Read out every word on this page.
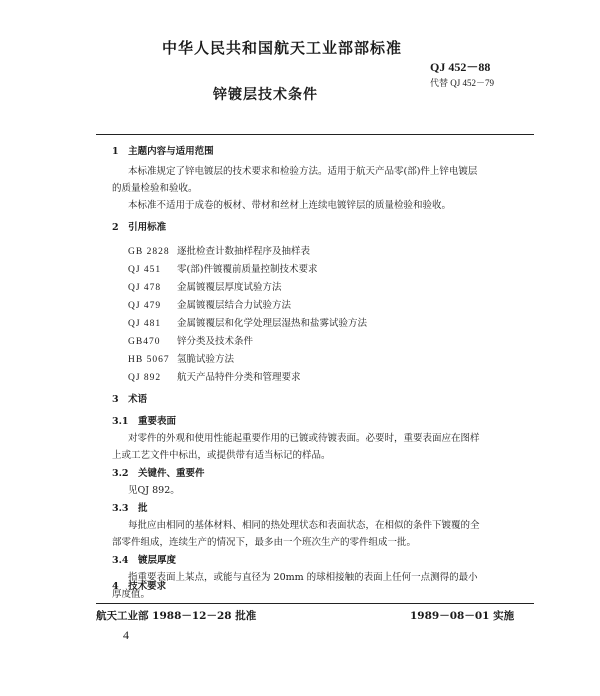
中华人民共和国航天工业部部标准
QJ 452－88
代替 QJ 452－79
锌镀层技术条件
1　主题内容与适用范围
本标准规定了锌电镀层的技术要求和检验方法。适用于航天产品零(部)件上锌电镀层
的质量检验和验收。
本标准不适用于成卷的板材、带材和丝材上连续电镀锌层的质量检验和验收。
2　引用标准
GB 2828 逐批检查计数抽样程序及抽样表
QJ 451 零(部)件镀覆前质量控制技术要求
QJ 478 金属镀覆层厚度试验方法
QJ 479 金属镀覆层结合力试验方法
QJ 481 金属镀覆层和化学处理层湿热和盐雾试验方法
GB470 锌分类及技术条件
HB 5067 氢脆试验方法
QJ 892 航天产品特件分类和管理要求
3　术语
3.1　重要表面
对零件的外观和使用性能起重要作用的已镀或待镀表面。必要时，重要表面应在图样
上或工艺文件中标出，或提供带有适当标记的样品。
3.2　关键件、重要件
见QJ 892。
3.3　批
每批应由相同的基体材料、相同的热处理状态和表面状态，在相似的条件下镀覆的全
部零件组成，连续生产的情况下，最多由一个班次生产的零件组成一批。
3.4　镀层厚度
指重要表面上某点，或能与直径为 20mm 的球相接触的表面上任何一点测得的最小
厚度值。
4　技术要求
航天工业部 1988－12－28 批准	1989－08－01 实施
4
